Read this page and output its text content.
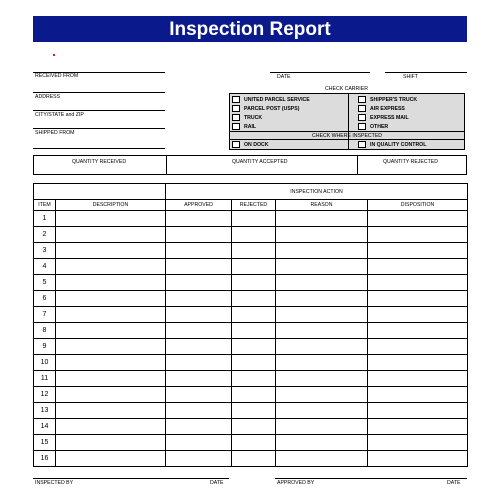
Inspection Report
RECEIVED FROM	DATE	SHIFT
ADDRESS
CITY/STATE and ZIP
SHIPPED FROM
CHECK CARRIER
UNITED PARCEL SERVICE
PARCEL POST (USPS)
TRUCK
RAIL
SHIPPER'S TRUCK
AIR EXPRESS
EXPRESS MAIL
OTHER
CHECK WHERE INSPECTED
ON DOCK	IN QUALITY CONTROL
QUANTITY RECEIVED	QUANTITY ACCEPTED	QUANTITY REJECTED
		INSPECTION ACTION			
ITEM	DESCRIPTION	APPROVED	REJECTED	REASON	DISPOSITION
1					
2					
3					
4					
5					
6					
7					
8					
9					
10					
11					
12					
13					
14					
15					
16					
INSPECTED BY	DATE	APPROVED BY	DATE
